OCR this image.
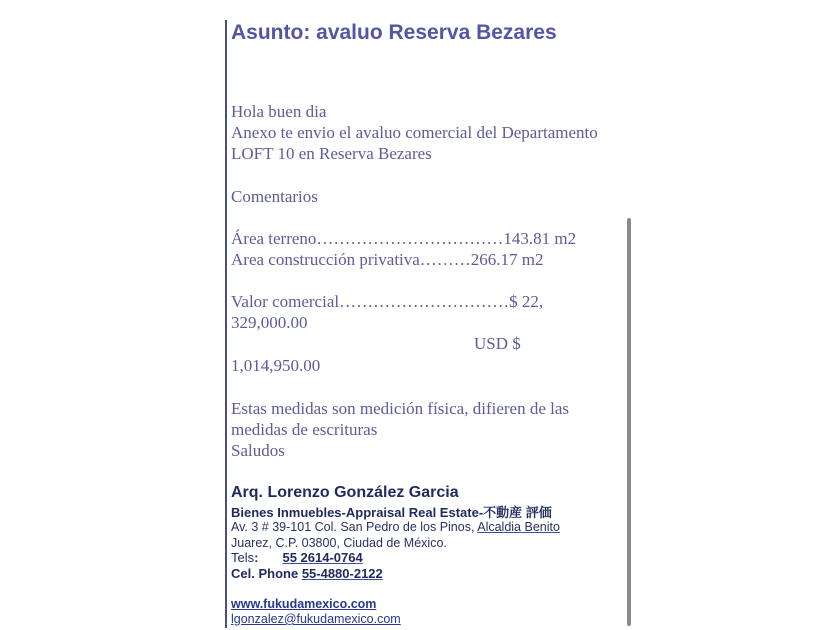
Asunto: avaluo Reserva Bezares
Hola buen dia
Anexo te envio el avaluo comercial del Departamento
LOFT 10 en Reserva Bezares
Comentarios
Área terreno……………………………143.81 m2
Area construcción privativa………266.17 m2
Valor comercial…………………………$ 22,
329,000.00
USD $
1,014,950.00
Estas medidas son medición física, difieren de las
medidas de escrituras
Saludos
Arq. Lorenzo González Garcia
Bienes Inmuebles-Appraisal Real Estate-不動産 評価
Av. 3 # 39-101 Col. San Pedro de los Pinos, Alcaldia Benito
Juarez, C.P. 03800, Ciudad de México.
Tels: 55 2614-0764
Cel. Phone 55-4880-2122
www.fukudamexico.com
lgonzalez@fukudamexico.com
